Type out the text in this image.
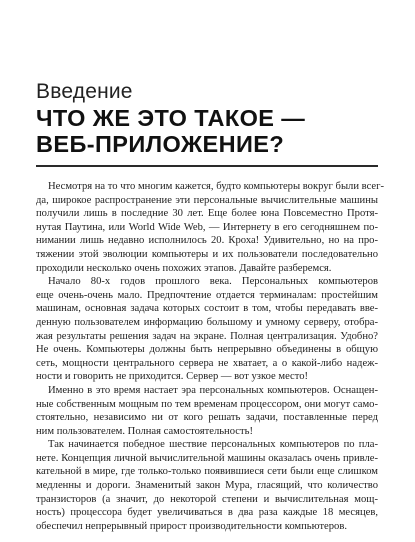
Введение
ЧТО ЖЕ ЭТО ТАКОЕ —
ВЕБ-ПРИЛОЖЕНИЕ?

Несмотря на то что многим кажется, будто компьютеры вокруг были всег-
да, широкое распространение эти персональные вычислительные машины
получили лишь в последние 30 лет. Еще более юна Повсеместно Протя-
нутая Паутина, или World Wide Web, — Интернету в его сегодняшнем по-
нимании лишь недавно исполнилось 20. Кроха! Удивительно, но на про-
тяжении этой эволюции компьютеры и их пользователи последовательно
проходили несколько очень похожих этапов. Давайте разберемся.

Начало 80-х годов прошлого века. Персональных компьютеров
еще очень-очень мало. Предпочтение отдается терминалам: простейшим
машинам, основная задача которых состоит в том, чтобы передавать вве-
денную пользователем информацию большому и умному серверу, отобра-
жая результаты решения задач на экране. Полная централизация. Удобно?
Не очень. Компьютеры должны быть непрерывно объединены в общую
сеть, мощности центрального сервера не хватает, а о какой-либо надеж-
ности и говорить не приходится. Сервер — вот узкое место!

Именно в это время настает эра персональных компьютеров. Оснащен-
ные собственным мощным по тем временам процессором, они могут само-
стоятельно, независимо ни от кого решать задачи, поставленные перед
ним пользователем. Полная самостоятельность!

Так начинается победное шествие персональных компьютеров по пла-
нете. Концепция личной вычислительной машины оказалась очень привле-
кательной в мире, где только-только появившиеся сети были еще слишком
медленны и дороги. Знаменитый закон Мура, гласящий, что количество
транзисторов (а значит, до некоторой степени и вычислительная мощ-
ность) процессора будет увеличиваться в два раза каждые 18 месяцев,
обеспечил непрерывный прирост производительности компьютеров.
